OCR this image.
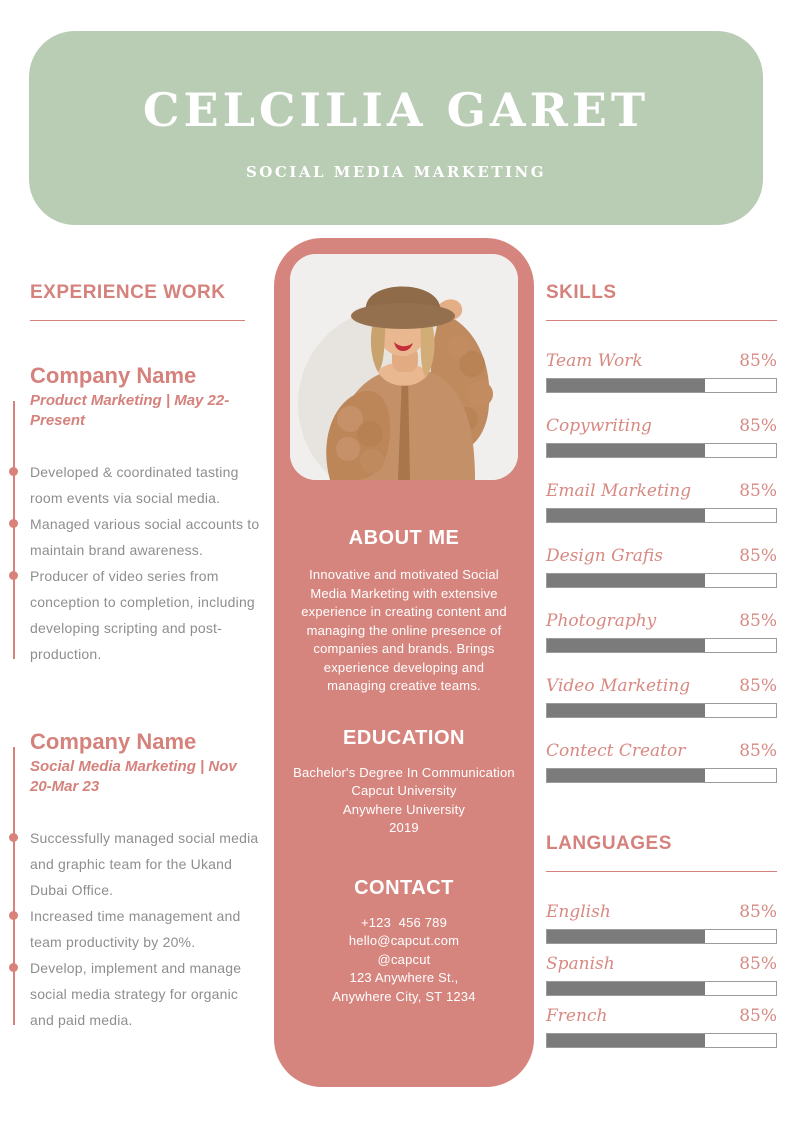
CELCILIA GARET
SOCIAL MEDIA MARKETING
EXPERIENCE WORK
Company Name
Product Marketing | May 22-Present
Developed & coordinated tasting room events via social media.
Managed various social accounts to maintain brand awareness.
Producer of video series from conception to completion, including developing scripting and post-production.
Company Name
Social Media Marketing | Nov 20-Mar 23
Successfully managed social media and graphic team for the Ukand Dubai Office.
Increased time management and team productivity by 20%.
Develop, implement and manage social media strategy for organic and paid media.
ABOUT ME
Innovative and motivated Social Media Marketing with extensive experience in creating content and managing the online presence of companies and brands. Brings experience developing and managing creative teams.
EDUCATION
Bachelor's Degree In Communication
Capcut University
Anywhere University
2019
CONTACT
+123  456 789
hello@capcut.com
@capcut
123 Anywhere St.,
Anywhere City, ST 1234
SKILLS
Team Work	85%
Copywriting	85%
Email Marketing	85%
Design Grafis	85%
Photography	85%
Video Marketing	85%
Contect Creator	85%
LANGUAGES
English	85%
Spanish	85%
French	85%
